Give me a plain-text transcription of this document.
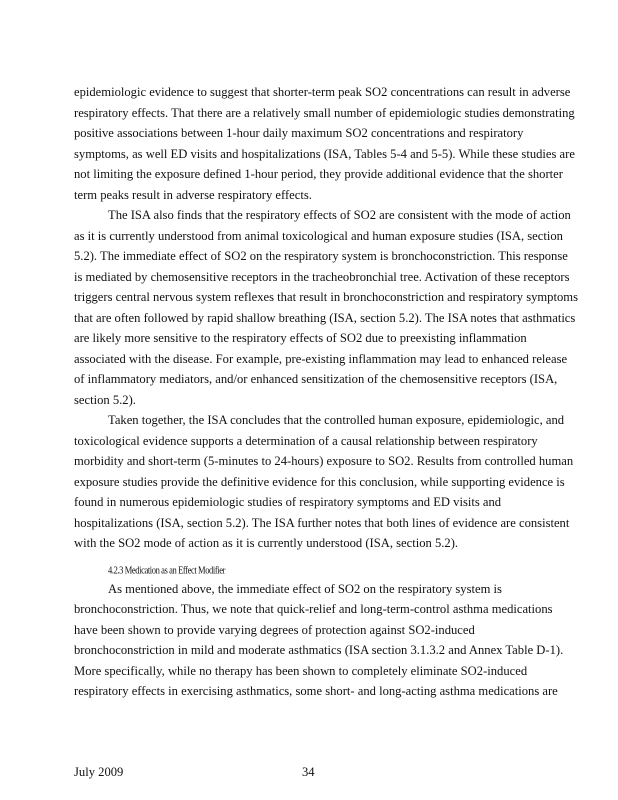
epidemiologic evidence to suggest that shorter-term peak SO2 concentrations can result in adverse respiratory effects. That there are a relatively small number of epidemiologic studies demonstrating positive associations between 1-hour daily maximum SO2 concentrations and respiratory symptoms, as well ED visits and hospitalizations (ISA, Tables 5-4 and 5-5). While these studies are not limiting the exposure defined 1-hour period, they provide additional evidence that the shorter term peaks result in adverse respiratory effects.

The ISA also finds that the respiratory effects of SO2 are consistent with the mode of action as it is currently understood from animal toxicological and human exposure studies (ISA, section 5.2). The immediate effect of SO2 on the respiratory system is bronchoconstriction. This response is mediated by chemosensitive receptors in the tracheobronchial tree. Activation of these receptors triggers central nervous system reflexes that result in bronchoconstriction and respiratory symptoms that are often followed by rapid shallow breathing (ISA, section 5.2). The ISA notes that asthmatics are likely more sensitive to the respiratory effects of SO2 due to preexisting inflammation associated with the disease. For example, pre-existing inflammation may lead to enhanced release of inflammatory mediators, and/or enhanced sensitization of the chemosensitive receptors (ISA, section 5.2).

Taken together, the ISA concludes that the controlled human exposure, epidemiologic, and toxicological evidence supports a determination of a causal relationship between respiratory morbidity and short-term (5-minutes to 24-hours) exposure to SO2. Results from controlled human exposure studies provide the definitive evidence for this conclusion, while supporting evidence is found in numerous epidemiologic studies of respiratory symptoms and ED visits and hospitalizations (ISA, section 5.2). The ISA further notes that both lines of evidence are consistent with the SO2 mode of action as it is currently understood (ISA, section 5.2).

4.2.3 Medication as an Effect Modifier

As mentioned above, the immediate effect of SO2 on the respiratory system is bronchoconstriction. Thus, we note that quick-relief and long-term-control asthma medications have been shown to provide varying degrees of protection against SO2-induced bronchoconstriction in mild and moderate asthmatics (ISA section 3.1.3.2 and Annex Table D-1). More specifically, while no therapy has been shown to completely eliminate SO2-induced respiratory effects in exercising asthmatics, some short- and long-acting asthma medications are

July 2009	34
